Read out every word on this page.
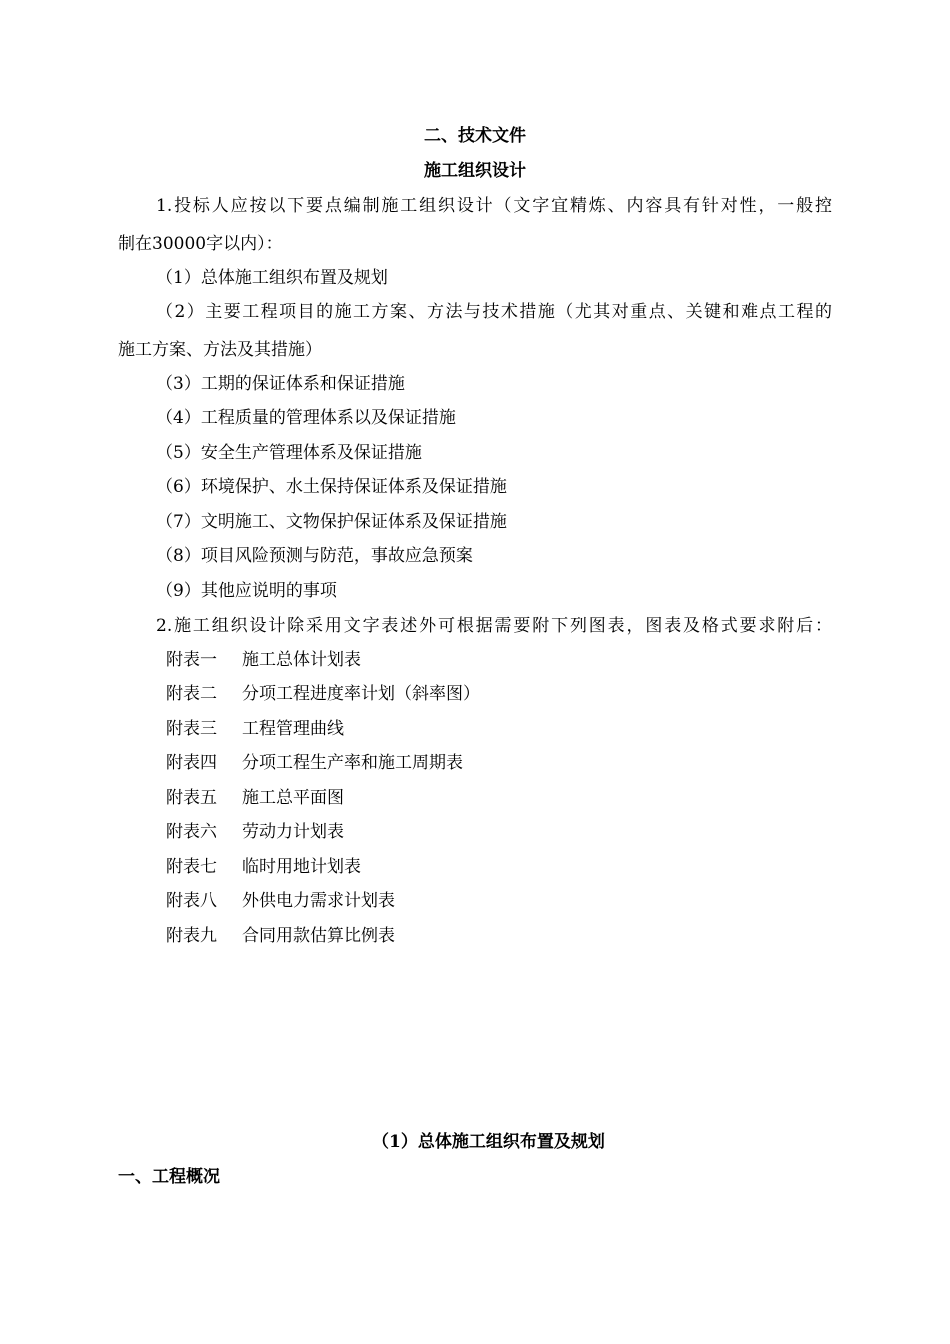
二、技术文件
施工组织设计
1.投标人应按以下要点编制施工组织设计（文字宜精炼、内容具有针对性，一般控
制在30000字以内）：
（1）总体施工组织布置及规划
（2）主要工程项目的施工方案、方法与技术措施（尤其对重点、关键和难点工程的
施工方案、方法及其措施）
（3）工期的保证体系和保证措施
（4）工程质量的管理体系以及保证措施
（5）安全生产管理体系及保证措施
（6）环境保护、水土保持保证体系及保证措施
（7）文明施工、文物保护保证体系及保证措施
（8）项目风险预测与防范，事故应急预案
（9）其他应说明的事项
2.施工组织设计除采用文字表述外可根据需要附下列图表，图表及格式要求附后：
附表一 施工总体计划表
附表二 分项工程进度率计划（斜率图）
附表三 工程管理曲线
附表四 分项工程生产率和施工周期表
附表五 施工总平面图
附表六 劳动力计划表
附表七 临时用地计划表
附表八 外供电力需求计划表
附表九 合同用款估算比例表
（1）总体施工组织布置及规划
一、工程概况
